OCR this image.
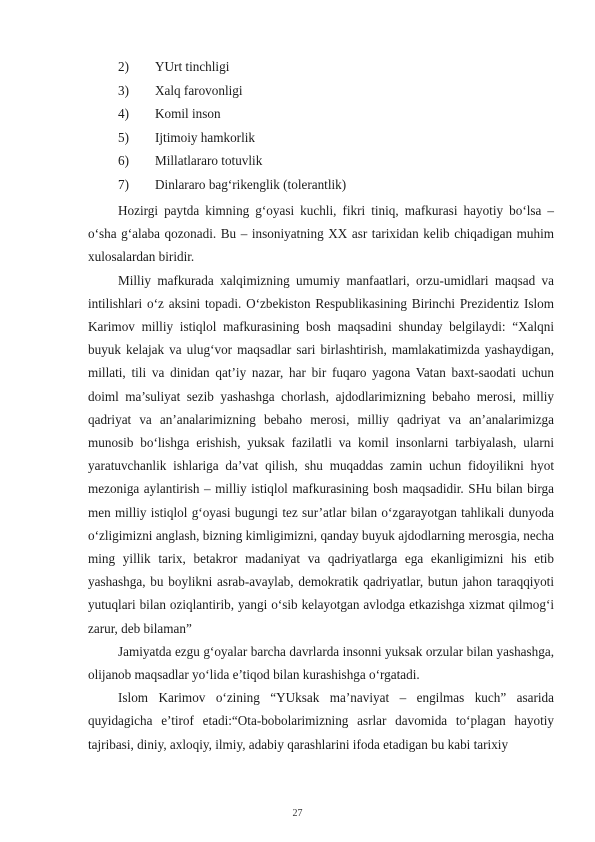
2) YUrt tinchligi
3) Xalq farovonligi
4) Komil inson
5) Ijtimoiy hamkorlik
6) Millatlararo totuvlik
7) Dinlararo bag‘rikenglik (tolerantlik)

Hozirgi paytda kimning g‘oyasi kuchli, fikri tiniq, mafkurasi hayotiy bo‘lsa – o‘sha g‘alaba qozonadi. Bu – insoniyatning XX asr tarixidan kelib chiqadigan muhim xulosalardan biridir.

Milliy mafkurada xalqimizning umumiy manfaatlari, orzu-umidlari maqsad va intilishlari o‘z aksini topadi. O‘zbekiston Respublikasining Birinchi Prezidentiz Islom Karimov milliy istiqlol mafkurasining bosh maqsadini shunday belgilaydi: “Xalqni buyuk kelajak va ulug‘vor maqsadlar sari birlashtirish, mamlakatimizda yashaydigan, millati, tili va dinidan qat’iy nazar, har bir fuqaro yagona Vatan baxt-saodati uchun doiml ma’suliyat sezib yashashga chorlash, ajdodlarimizning bebaho merosi, milliy qadriyat va an’analarimizning bebaho merosi, milliy qadriyat va an’analarimizga munosib bo‘lishga erishish, yuksak fazilatli va komil insonlarni tarbiyalash, ularni yaratuvchanlik ishlariga da’vat qilish, shu muqaddas zamin uchun fidoyilikni hyot mezoniga aylantirish – milliy istiqlol mafkurasining bosh maqsadidir. SHu bilan birga men milliy istiqlol g‘oyasi bugungi tez sur’atlar bilan o‘zgarayotgan tahlikali dunyoda o‘zligimizni anglash, bizning kimligimizni, qanday buyuk ajdodlarning merosgia, necha ming yillik tarix, betakror madaniyat va qadriyatlarga ega ekanligimizni his etib yashashga, bu boylikni asrab-avaylab, demokratik qadriyatlar, butun jahon taraqqiyoti yutuqlari bilan oziqlantirib, yangi o‘sib kelayotgan avlodga etkazishga xizmat qilmog‘i zarur, deb bilaman”

Jamiyatda ezgu g‘oyalar barcha davrlarda insonni yuksak orzular bilan yashashga, olijanob maqsadlar yo‘lida e’tiqod bilan kurashishga o‘rgatadi.

Islom Karimov o‘zining “YUksak ma’naviyat – engilmas kuch” asarida quyidagicha e’tirof etadi:“Ota-bobolarimizning asrlar davomida to‘plagan hayotiy tajribasi, diniy, axloqiy, ilmiy, adabiy qarashlarini ifoda etadigan bu kabi tarixiy

27
